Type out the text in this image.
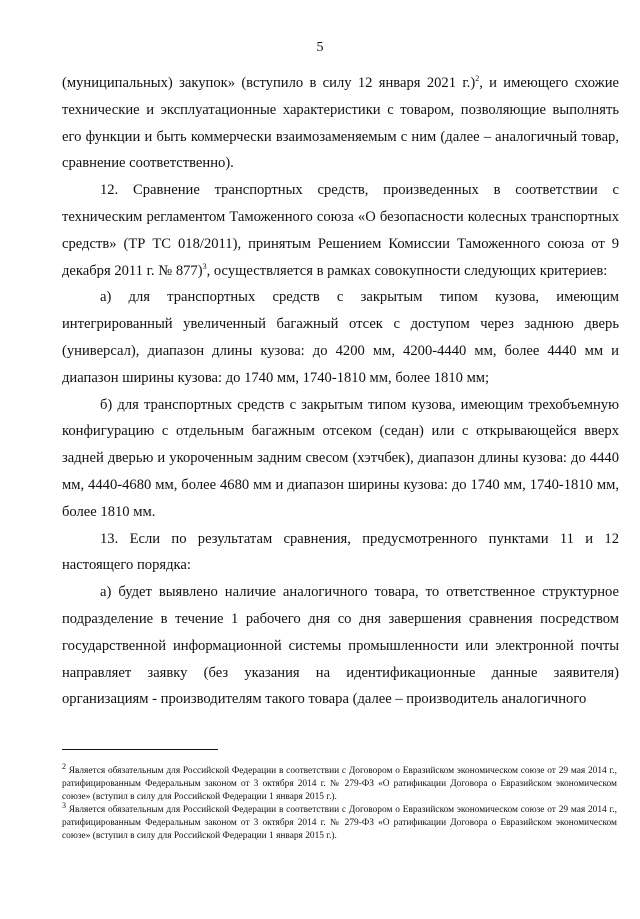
5

(муниципальных) закупок» (вступило в силу 12 января 2021 г.)$^2$, и имеющего схожие технические и эксплуатационные характеристики с товаром, позволяющие выполнять его функции и быть коммерчески взаимозаменяемым с ним (далее – аналогичный товар, сравнение соответственно).

12. Сравнение транспортных средств, произведенных в соответствии с техническим регламентом Таможенного союза «О безопасности колесных транспортных средств» (ТР ТС 018/2011), принятым Решением Комиссии Таможенного союза от 9 декабря 2011 г. № 877)$^3$, осуществляется в рамках совокупности следующих критериев:

а) для транспортных средств с закрытым типом кузова, имеющим интегрированный увеличенный багажный отсек с доступом через заднюю дверь (универсал), диапазон длины кузова: до 4200 мм, 4200-4440 мм, более 4440 мм и диапазон ширины кузова: до 1740 мм, 1740-1810 мм, более 1810 мм;

б) для транспортных средств с закрытым типом кузова, имеющим трехобъемную конфигурацию с отдельным багажным отсеком (седан) или с открывающейся вверх задней дверью и укороченным задним свесом (хэтчбек), диапазон длины кузова: до 4440 мм, 4440-4680 мм, более 4680 мм и диапазон ширины кузова: до 1740 мм, 1740-1810 мм, более 1810 мм.

13. Если по результатам сравнения, предусмотренного пунктами 11 и 12 настоящего порядка:

а) будет выявлено наличие аналогичного товара, то ответственное структурное подразделение в течение 1 рабочего дня со дня завершения сравнения посредством государственной информационной системы промышленности или электронной почты направляет заявку (без указания на идентификационные данные заявителя) организациям - производителям такого товара (далее – производитель аналогичного

$^2$ Является обязательным для Российской Федерации в соответствии с Договором о Евразийском экономическом союзе от 29 мая 2014 г., ратифицированным Федеральным законом от 3 октября 2014 г. № 279-ФЗ «О ратификации Договора о Евразийском экономическом союзе» (вступил в силу для Российской Федерации 1 января 2015 г.).

$^3$ Является обязательным для Российской Федерации в соответствии с Договором о Евразийском экономическом союзе от 29 мая 2014 г., ратифицированным Федеральным законом от 3 октября 2014 г. № 279-ФЗ «О ратификации Договора о Евразийском экономическом союзе» (вступил в силу для Российской Федерации 1 января 2015 г.).
